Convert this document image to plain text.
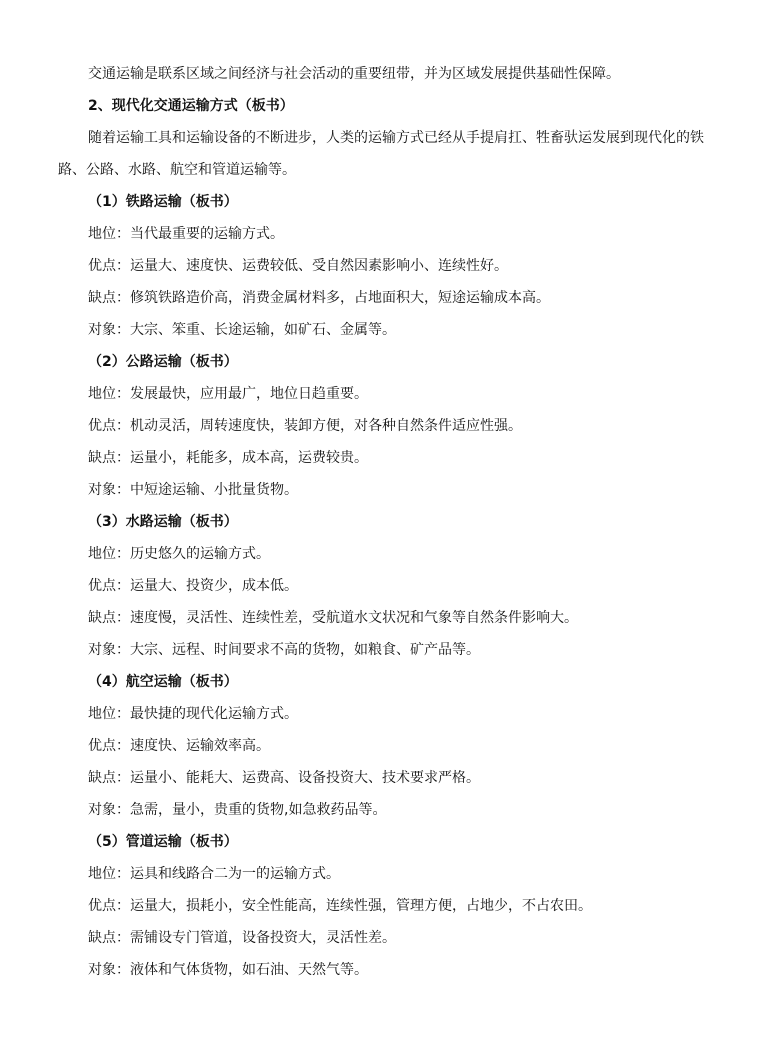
交通运输是联系区域之间经济与社会活动的重要纽带，并为区域发展提供基础性保障。
2、现代化交通运输方式（板书）
随着运输工具和运输设备的不断进步，人类的运输方式已经从手提肩扛、牲畜驮运发展到现代化的铁路、公路、水路、航空和管道运输等。
（1）铁路运输（板书）
地位：当代最重要的运输方式。
优点：运量大、速度快、运费较低、受自然因素影响小、连续性好。
缺点：修筑铁路造价高，消费金属材料多，占地面积大，短途运输成本高。
对象：大宗、笨重、长途运输，如矿石、金属等。
（2）公路运输（板书）
地位：发展最快，应用最广，地位日趋重要。
优点：机动灵活，周转速度快，装卸方便，对各种自然条件适应性强。
缺点：运量小，耗能多，成本高，运费较贵。
对象：中短途运输、小批量货物。
（3）水路运输（板书）
地位：历史悠久的运输方式。
优点：运量大、投资少，成本低。
缺点：速度慢，灵活性、连续性差，受航道水文状况和气象等自然条件影响大。
对象：大宗、远程、时间要求不高的货物，如粮食、矿产品等。
（4）航空运输（板书）
地位：最快捷的现代化运输方式。
优点：速度快、运输效率高。
缺点：运量小、能耗大、运费高、设备投资大、技术要求严格。
对象：急需，量小，贵重的货物,如急救药品等。
（5）管道运输（板书）
地位：运具和线路合二为一的运输方式。
优点：运量大，损耗小，安全性能高，连续性强，管理方便，占地少，不占农田。
缺点：需铺设专门管道，设备投资大，灵活性差。
对象：液体和气体货物，如石油、天然气等。
